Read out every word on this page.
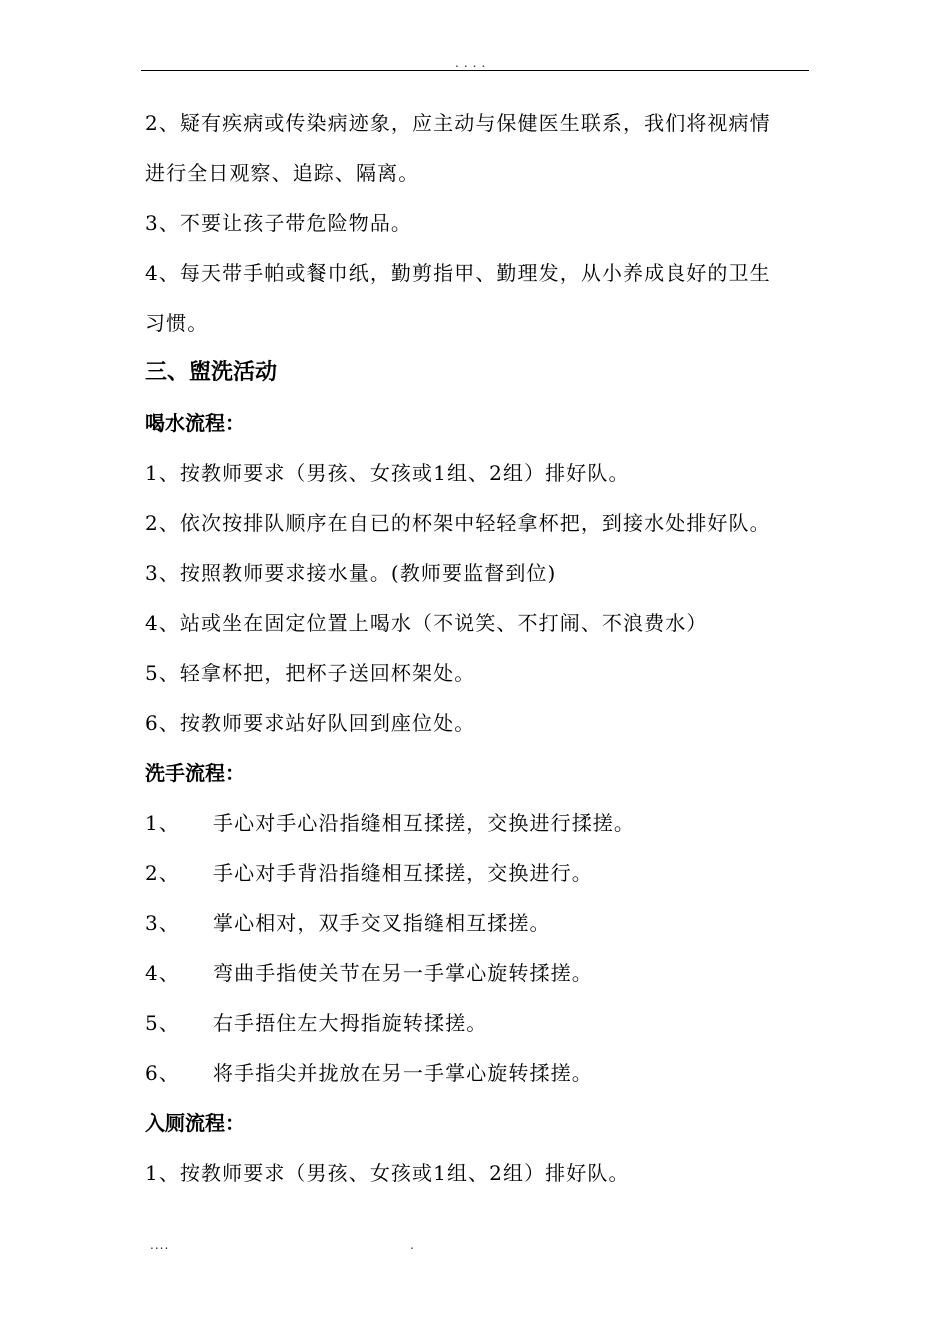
....
2、疑有疾病或传染病迹象，应主动与保健医生联系，我们将视病情
进行全日观察、追踪、隔离。
3、不要让孩子带危险物品。
4、每天带手帕或餐巾纸，勤剪指甲、勤理发，从小养成良好的卫生
习惯。
三、盥洗活动
喝水流程：
1、按教师要求（男孩、女孩或1组、2组）排好队。
2、依次按排队顺序在自已的杯架中轻轻拿杯把，到接水处排好队。
3、按照教师要求接水量。(教师要监督到位)
4、站或坐在固定位置上喝水（不说笑、不打闹、不浪费水）
5、轻拿杯把，把杯子送回杯架处。
6、按教师要求站好队回到座位处。
洗手流程：
1、 手心对手心沿指缝相互揉搓，交换进行揉搓。
2、 手心对手背沿指缝相互揉搓，交换进行。
3、 掌心相对，双手交叉指缝相互揉搓。
4、 弯曲手指使关节在另一手掌心旋转揉搓。
5、 右手捂住左大拇指旋转揉搓。
6、 将手指尖并拢放在另一手掌心旋转揉搓。
入厕流程：
1、按教师要求（男孩、女孩或1组、2组）排好队。
....	.
